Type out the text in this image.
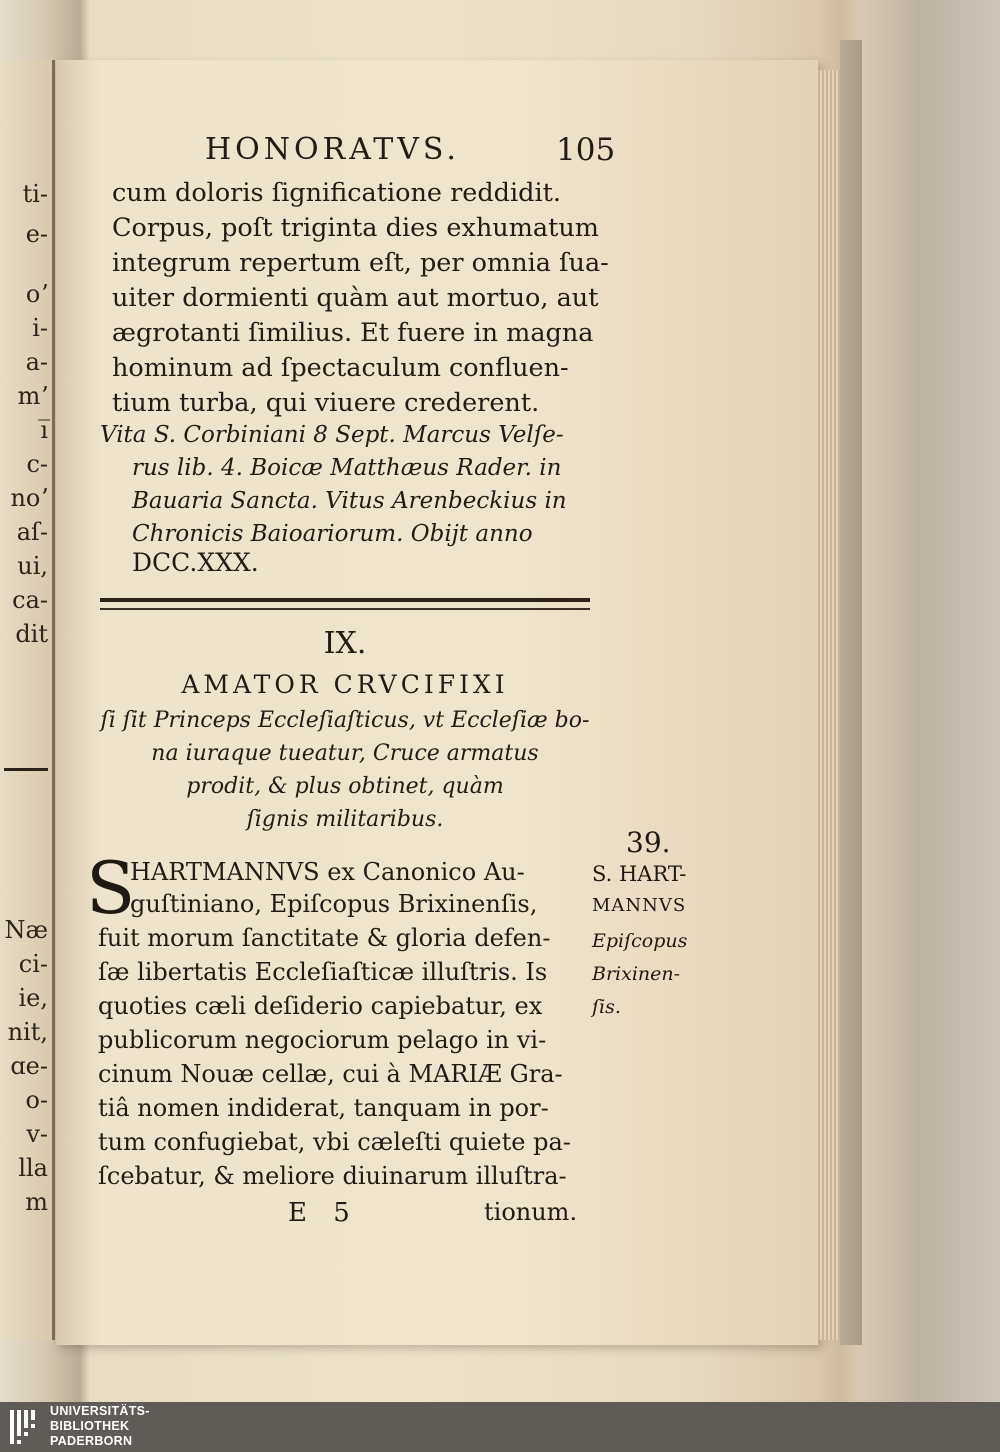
ti-
e-
oʼ
i-
a-
mʼ
i̅
c-
noʼ
aſ-
ui,
ca-
dit
Næ
ci-
ie,
nit,
ɑe-
o-
v-
lla
m
HONORATVS.	105
cum doloris ſignificatione reddidit.
Corpus, poſt triginta dies exhumatum
integrum repertum eſt, per omnia ſua-
uiter dormienti quàm aut mortuo, aut
ægrotanti ſimilius. Et fuere in magna
hominum ad ſpectaculum confluen-
tium turba, qui viuere crederent.
Vita S. Corbiniani 8 Sept. Marcus Velſe-
rus lib. 4. Boicæ Matthæus Rader. in
Bauaria Sancta. Vitus Arenbeckius in
Chronicis Baioariorum. Obijt anno
DCC.XXX.
IX.
AMATOR CRVCIFIXI
ſi ſit Princeps Eccleſiaſticus, vt Eccleſiæ bo-
na iuraque tueatur, Cruce armatus
prodit, & plus obtinet, quàm
ſignis militaribus.
39.
S
HARTMANNVS ex Canonico Au-
guſtiniano, Epiſcopus Brixinenſis,
fuit morum ſanctitate & gloria defen-
ſæ libertatis Eccleſiaſticæ illuſtris. Is
quoties cæli deſiderio capiebatur, ex
publicorum negociorum pelago in vi-
cinum Nouæ cellæ, cui à MARIÆ Gra-
tiâ nomen indiderat, tanquam in por-
tum confugiebat, vbi cæleſti quiete pa-
ſcebatur, & meliore diuinarum illuſtra-
S. HART-
MANNVS
Epiſcopus
Brixinen-
ſis.
E 5	tionum.
UNIVERSITÄTS-
BIBLIOTHEK
PADERBORN
